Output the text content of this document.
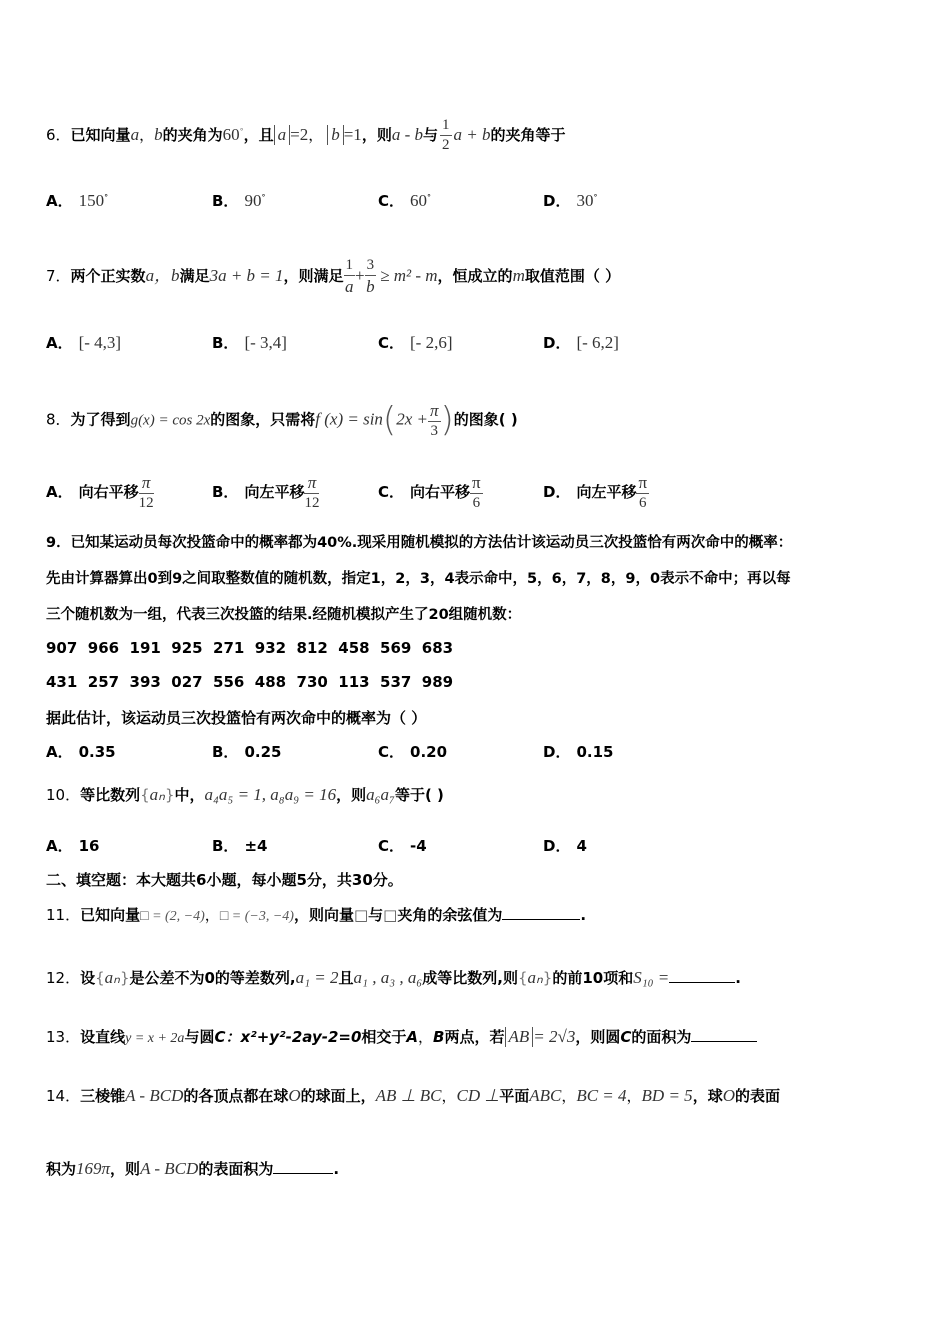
6．已知向量a，b的夹角为60°，且 a =2， b =1，则a - b与 $\frac{1}{2}$ a + b的夹角等于
A． 150°	B． 90°	C． 60°	D． 30°
7．两个正实数a，b满足3a + b = 1，则满足 $\frac{1}{a} + \frac{3}{b} \ge m^2 - m$，恒成立的m取值范围（ ）
A． [- 4,3]	B． [- 3,4]	C． [- 2,6]	D． [- 6,2]
8．为了得到g(x) = cos 2x的图象，只需将f $(x) = \sin(2x + \frac{\pi}{3}$ )的图象( )
A． 向右平移 $\frac{\pi}{12}$	B． 向左平移 $\frac{\pi}{12}$	C． 向右平移 $\frac{\pi}{6}$	D． 向左平移 $\frac{\pi}{6}$
9．已知某运动员每次投篮命中的概率都为40%.现采用随机模拟的方法估计该运动员三次投篮恰有两次命中的概率：
先由计算器算出0到9之间取整数值的随机数，指定1，2，3，4表示命中，5，6，7，8，9，0表示不命中；再以每
三个随机数为一组，代表三次投篮的结果.经随机模拟产生了20组随机数：
907  966  191  925  271  932  812  458  569  683
431  257  393  027  556  488  730  113  537  989
据此估计，该运动员三次投篮恰有两次命中的概率为（ ）
A． 0.35	B． 0.25	C． 0.20	D． 0.15
10．等比数列{aₙ}中，a₄a₅ = 1, a₈a₉ = 16，则a₆a₇等于( )
A． 16	B． ±4	C． -4	D． 4
二、填空题：本大题共6小题，每小题5分，共30分。
11．已知向量□ = (2, −4)，□ = (−3, −4)，则向量□与□夹角的余弦值为	.
12．设{aₙ}是公差不为0的等差数列,a₁ = 2且a₁ , a₃ , a₆成等比数列,则{aₙ}的前10项和S₁₀ =	.
13．设直线y = x + 2a与圆C：x²+y²-2ay-2=0相交于A，B两点，若 AB = 2√3，则圆C的面积为
14．三棱锥A - BCD的各顶点都在球O的球面上，AB ⊥ BC，CD ⊥平面ABC，BC = 4，BD = 5，球O的表面
积为169π，则A - BCD的表面积为	.
